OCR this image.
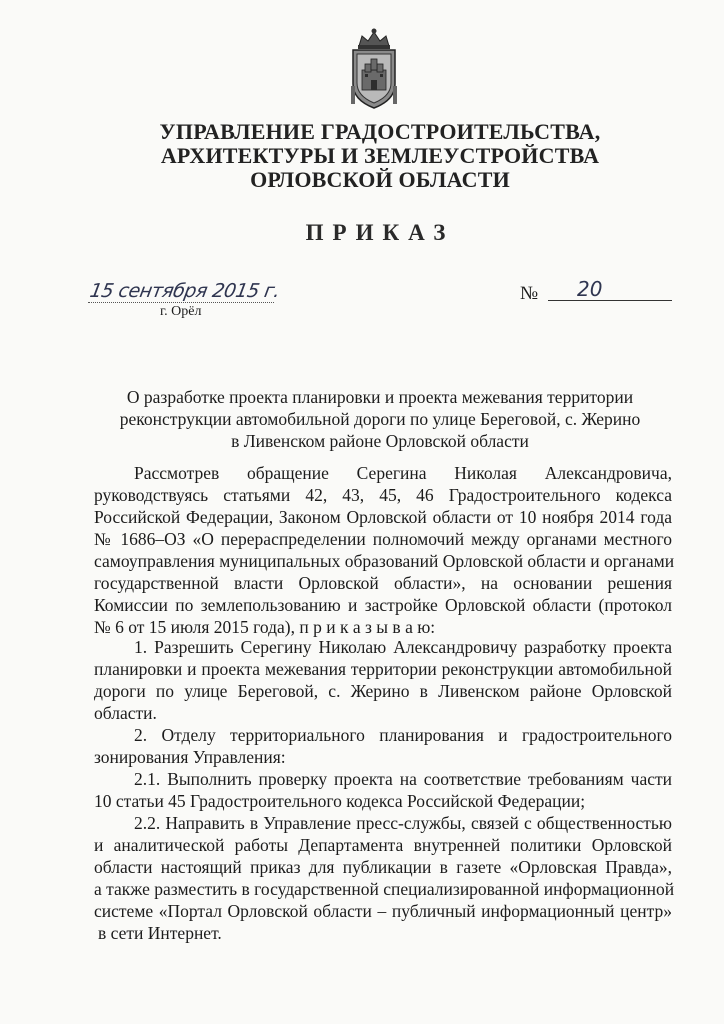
УПРАВЛЕНИЕ ГРАДОСТРОИТЕЛЬСТВА,
АРХИТЕКТУРЫ И ЗЕМЛЕУСТРОЙСТВА
ОРЛОВСКОЙ ОБЛАСТИ
ПРИКАЗ
15 сентября 2015 г.
г. Орёл
№ 20
О разработке проекта планировки и проекта межевания территории
реконструкции автомобильной дороги по улице Береговой, с. Жерино
в Ливенском районе Орловской области
Рассмотрев обращение Серегина Николая Александровича,
руководствуясь статьями 42, 43, 45, 46 Градостроительного кодекса
Российской Федерации, Законом Орловской области от 10 ноября 2014 года
№ 1686–ОЗ «О перераспределении полномочий между органами местного
самоуправления муниципальных образований Орловской области и органами
государственной власти Орловской области», на основании решения
Комиссии по землепользованию и застройке Орловской области (протокол
№ 6 от 15 июля 2015 года), п р и к а з ы в а ю:
1. Разрешить Серегину Николаю Александровичу разработку проекта
планировки и проекта межевания территории реконструкции автомобильной
дороги по улице Береговой, с. Жерино в Ливенском районе Орловской
области.
2. Отделу территориального планирования и градостроительного
зонирования Управления:
2.1. Выполнить проверку проекта на соответствие требованиям части
10 статьи 45 Градостроительного кодекса Российской Федерации;
2.2. Направить в Управление пресс-службы, связей с общественностью
и аналитической работы Департамента внутренней политики Орловской
области настоящий приказ для публикации в газете «Орловская Правда»,
а также разместить в государственной специализированной информационной
системе «Портал Орловской области – публичный информационный центр»
в сети Интернет.
